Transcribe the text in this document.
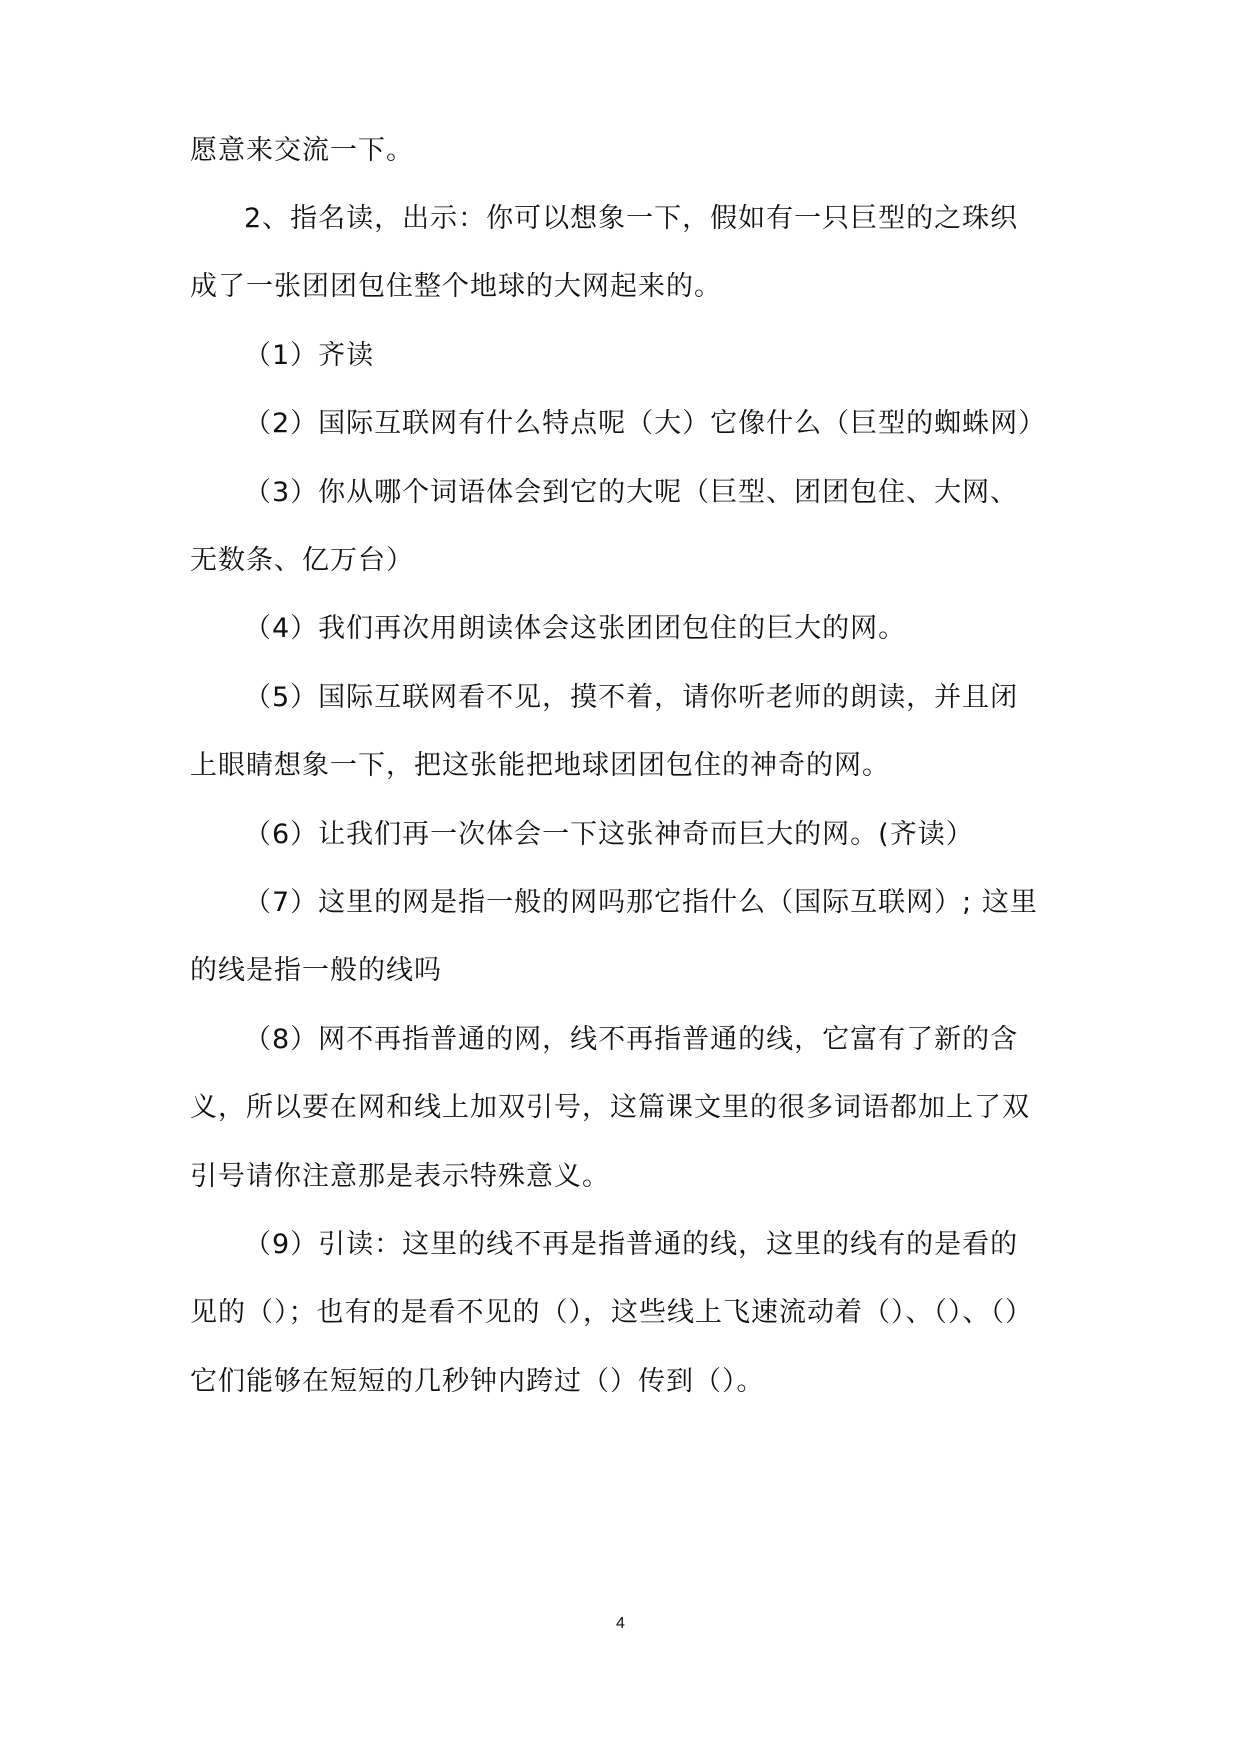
愿意来交流一下。
2、指名读，出示：你可以想象一下，假如有一只巨型的之珠织
成了一张团团包住整个地球的大网起来的。
（1）齐读
（2）国际互联网有什么特点呢（大）它像什么（巨型的蜘蛛网）
（3）你从哪个词语体会到它的大呢（巨型、团团包住、大网、
无数条、亿万台）
（4）我们再次用朗读体会这张团团包住的巨大的网。
（5）国际互联网看不见，摸不着，请你听老师的朗读，并且闭
上眼睛想象一下，把这张能把地球团团包住的神奇的网。
（6）让我们再一次体会一下这张神奇而巨大的网。(齐读）
（7）这里的网是指一般的网吗那它指什么（国际互联网）; 这里
的线是指一般的线吗
（8）网不再指普通的网，线不再指普通的线，它富有了新的含
义，所以要在网和线上加双引号，这篇课文里的很多词语都加上了双
引号请你注意那是表示特殊意义。
（9）引读：这里的线不再是指普通的线，这里的线有的是看的
见的（）；也有的是看不见的（），这些线上飞速流动着（）、（）、（）
它们能够在短短的几秒钟内跨过（）传到（）。
4
